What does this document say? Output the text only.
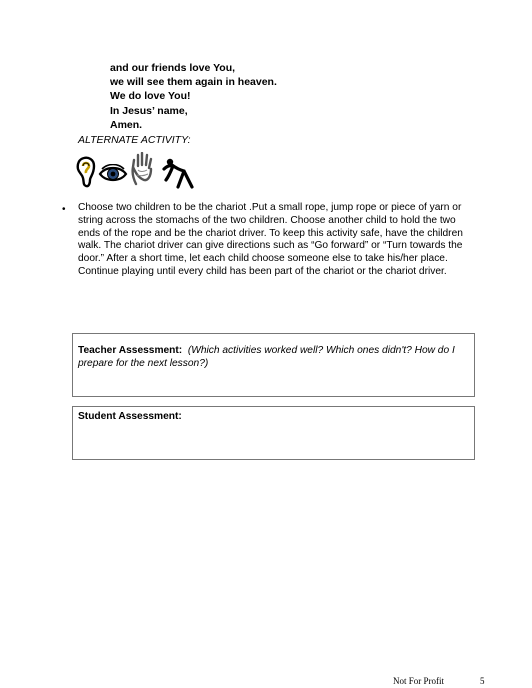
and our friends love You,
we will see them again in heaven.
We do love You!
In Jesus’ name,
Amen.
ALTERNATE ACTIVITY:
• Choose two children to be the chariot .Put a small rope, jump rope or piece of yarn or string across the stomachs of the two children. Choose another child to hold the two ends of the rope and be the chariot driver. To keep this activity safe, have the children walk. The chariot driver can give directions such as “Go forward” or “Turn towards the door.” After a short time, let each child choose someone else to take his/her place. Continue playing until every child has been part of the chariot or the chariot driver.

Teacher Assessment: (Which activities worked well? Which ones didn't? How do I prepare for the next lesson?)
Student Assessment:
Not For Profit	5
